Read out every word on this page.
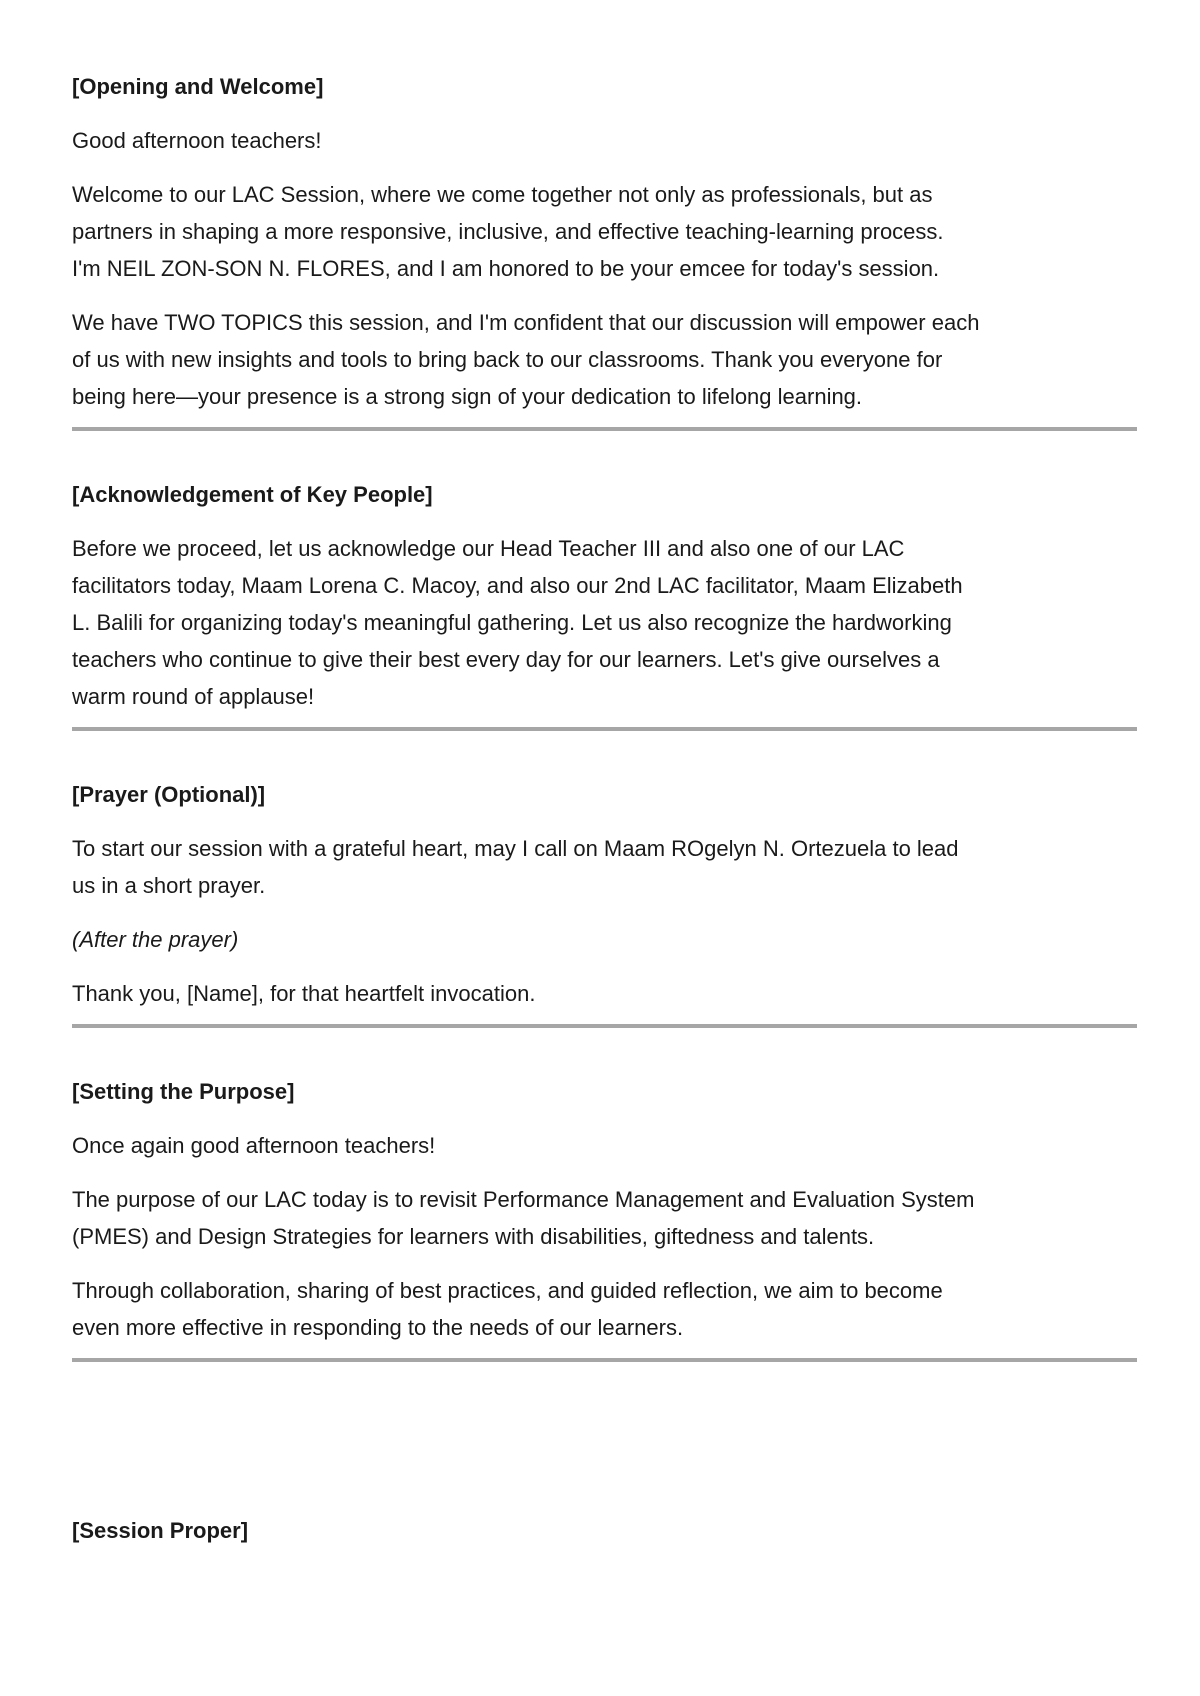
[Opening and Welcome]

Good afternoon teachers!

Welcome to our LAC Session, where we come together not only as professionals, but as
partners in shaping a more responsive, inclusive, and effective teaching-learning process.
I'm NEIL ZON-SON N. FLORES, and I am honored to be your emcee for today's session.

We have TWO TOPICS this session, and I'm confident that our discussion will empower each
of us with new insights and tools to bring back to our classrooms. Thank you everyone for
being here—your presence is a strong sign of your dedication to lifelong learning.

[Acknowledgement of Key People]

Before we proceed, let us acknowledge our Head Teacher III and also one of our LAC
facilitators today, Maam Lorena C. Macoy, and also our 2nd LAC facilitator, Maam Elizabeth
L. Balili for organizing today's meaningful gathering. Let us also recognize the hardworking
teachers who continue to give their best every day for our learners. Let's give ourselves a
warm round of applause!

[Prayer (Optional)]

To start our session with a grateful heart, may I call on Maam ROgelyn N. Ortezuela to lead
us in a short prayer.

(After the prayer)

Thank you, [Name], for that heartfelt invocation.

[Setting the Purpose]

Once again good afternoon teachers!

The purpose of our LAC today is to revisit Performance Management and Evaluation System
(PMES) and Design Strategies for learners with disabilities, giftedness and talents.

Through collaboration, sharing of best practices, and guided reflection, we aim to become
even more effective in responding to the needs of our learners.

[Session Proper]
